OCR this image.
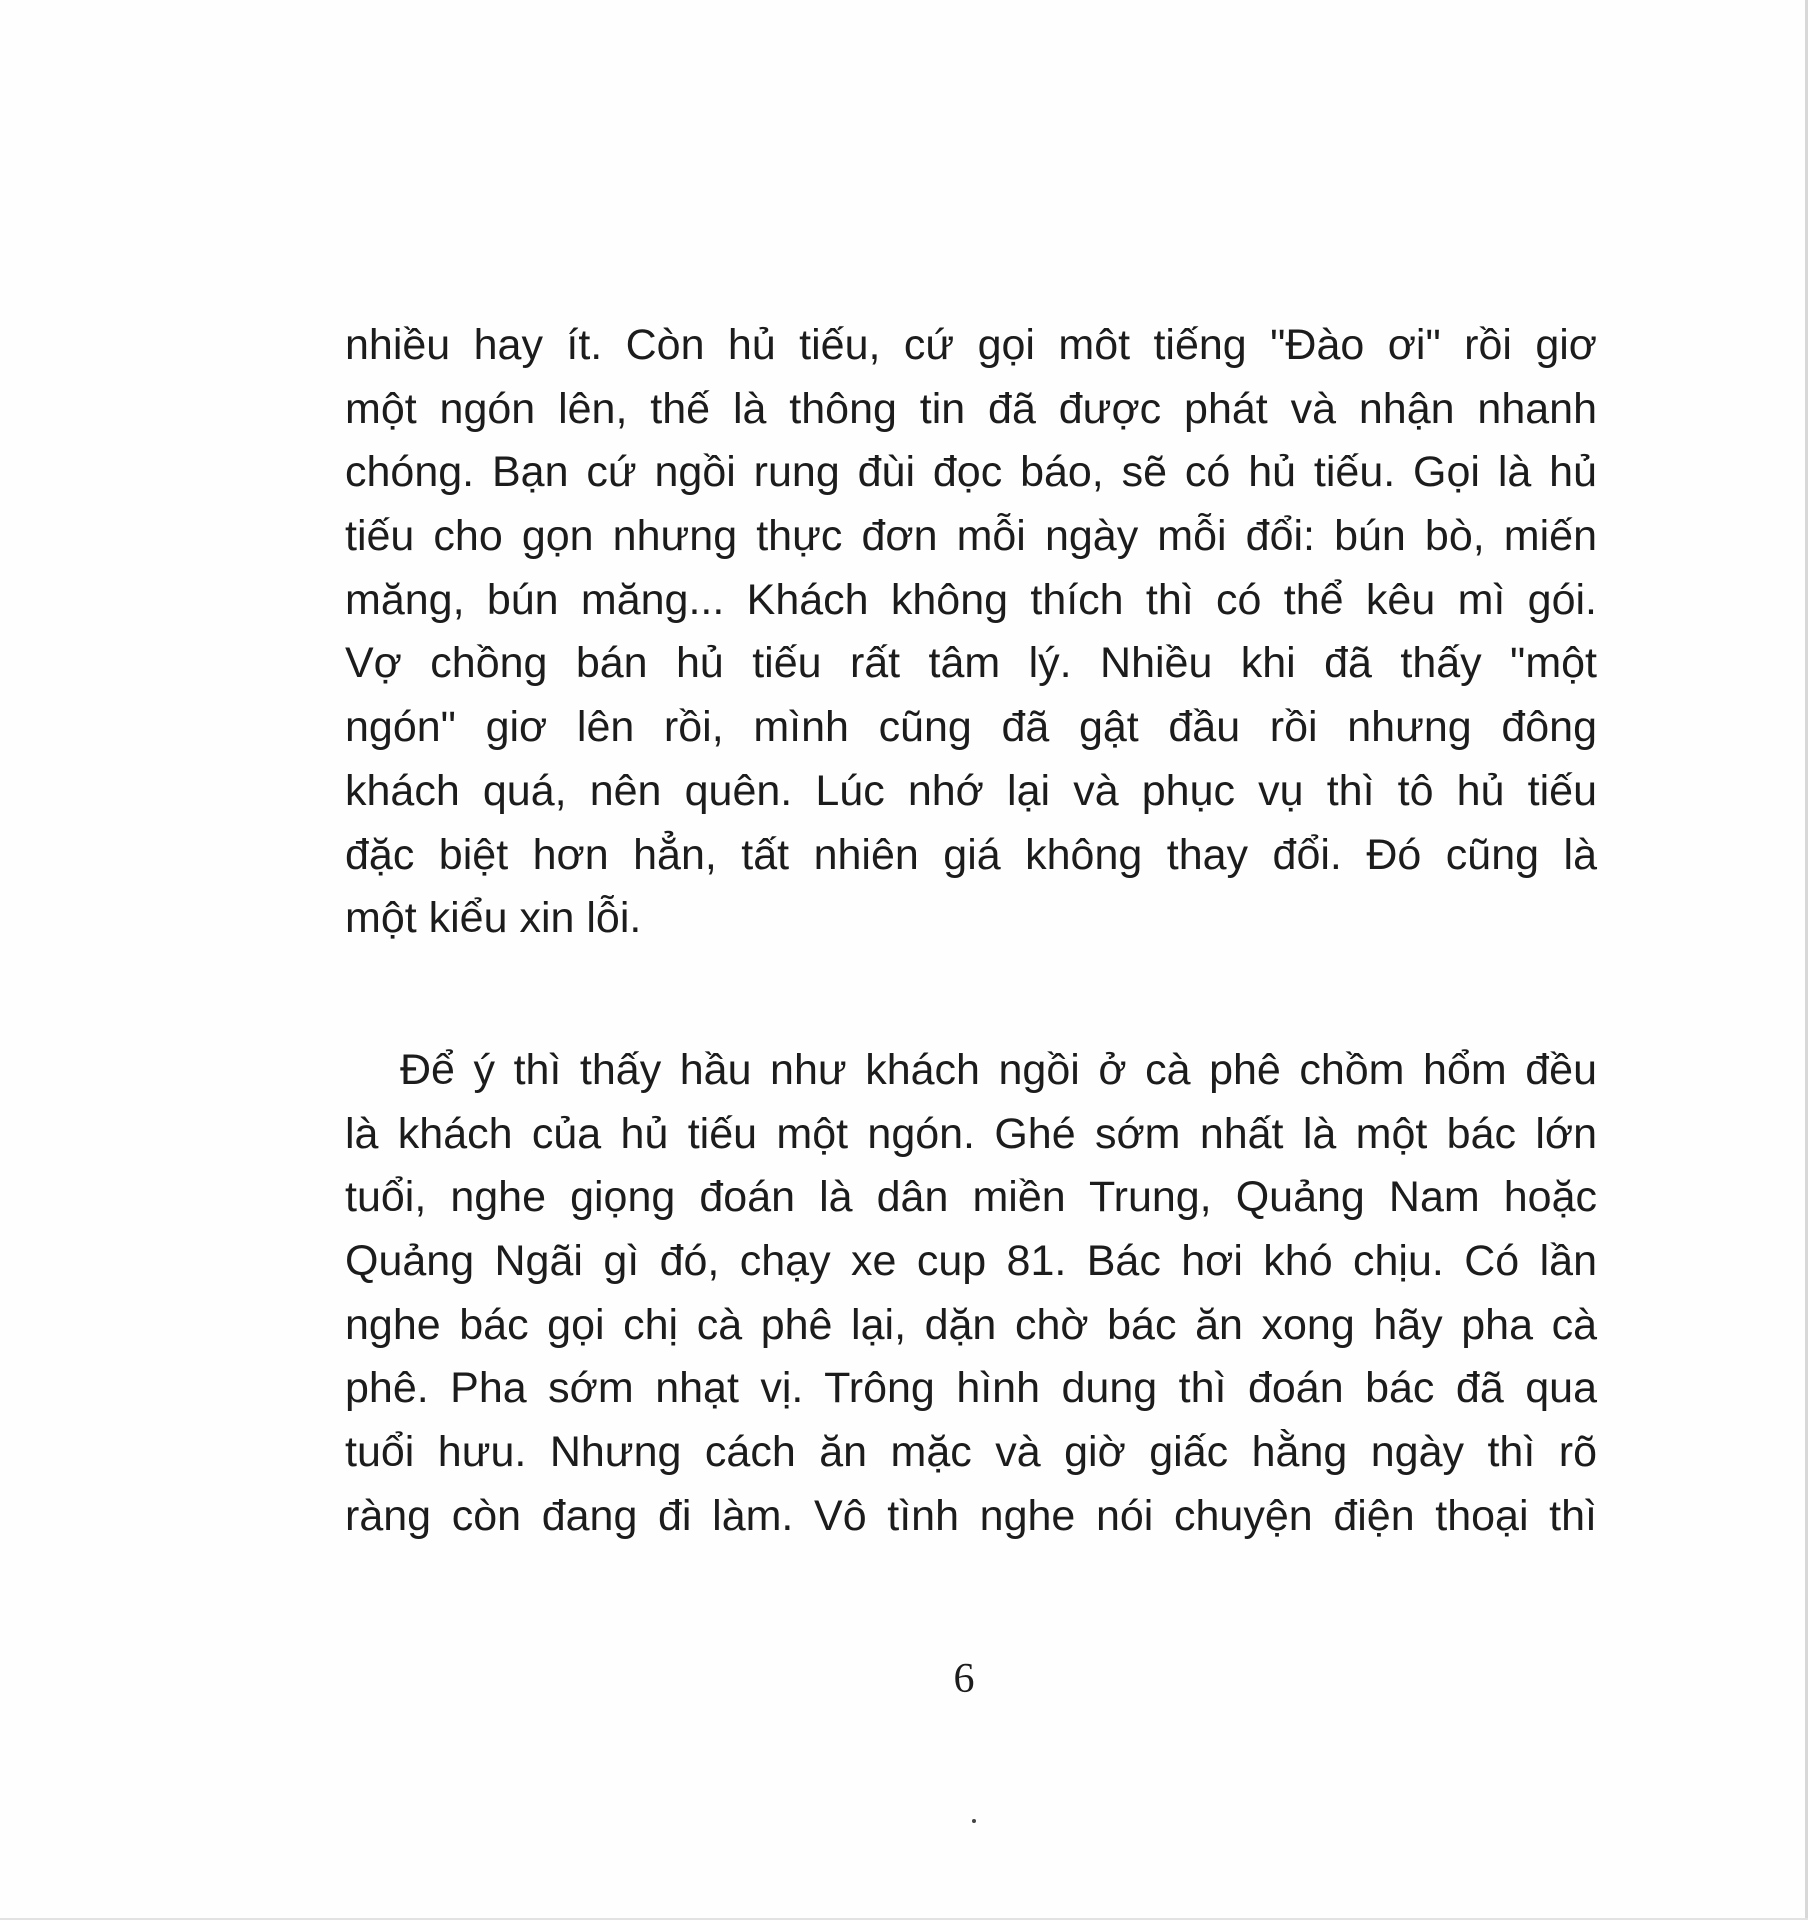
nhiều hay ít. Còn hủ tiếu, cứ gọi môt tiếng "Đào ơi" rồi giơ
một ngón lên, thế là thông tin đã được phát và nhận nhanh
chóng. Bạn cứ ngồi rung đùi đọc báo, sẽ có hủ tiếu. Gọi là hủ
tiếu cho gọn nhưng thực đơn mỗi ngày mỗi đổi: bún bò, miến
măng, bún măng... Khách không thích thì có thể kêu mì gói.
Vợ chồng bán hủ tiếu rất tâm lý. Nhiều khi đã thấy "một
ngón" giơ lên rồi, mình cũng đã gật đầu rồi nhưng đông
khách quá, nên quên. Lúc nhớ lại và phục vụ thì tô hủ tiếu
đặc biệt hơn hẳn, tất nhiên giá không thay đổi. Đó cũng là
một kiểu xin lỗi.
Để ý thì thấy hầu như khách ngồi ở cà phê chồm hổm đều
là khách của hủ tiếu một ngón. Ghé sớm nhất là một bác lớn
tuổi, nghe giọng đoán là dân miền Trung, Quảng Nam hoặc
Quảng Ngãi gì đó, chạy xe cup 81. Bác hơi khó chịu. Có lần
nghe bác gọi chị cà phê lại, dặn chờ bác ăn xong hãy pha cà
phê. Pha sớm nhạt vị. Trông hình dung thì đoán bác đã qua
tuổi hưu. Nhưng cách ăn mặc và giờ giấc hằng ngày thì rõ
ràng còn đang đi làm. Vô tình nghe nói chuyện điện thoại thì
6
